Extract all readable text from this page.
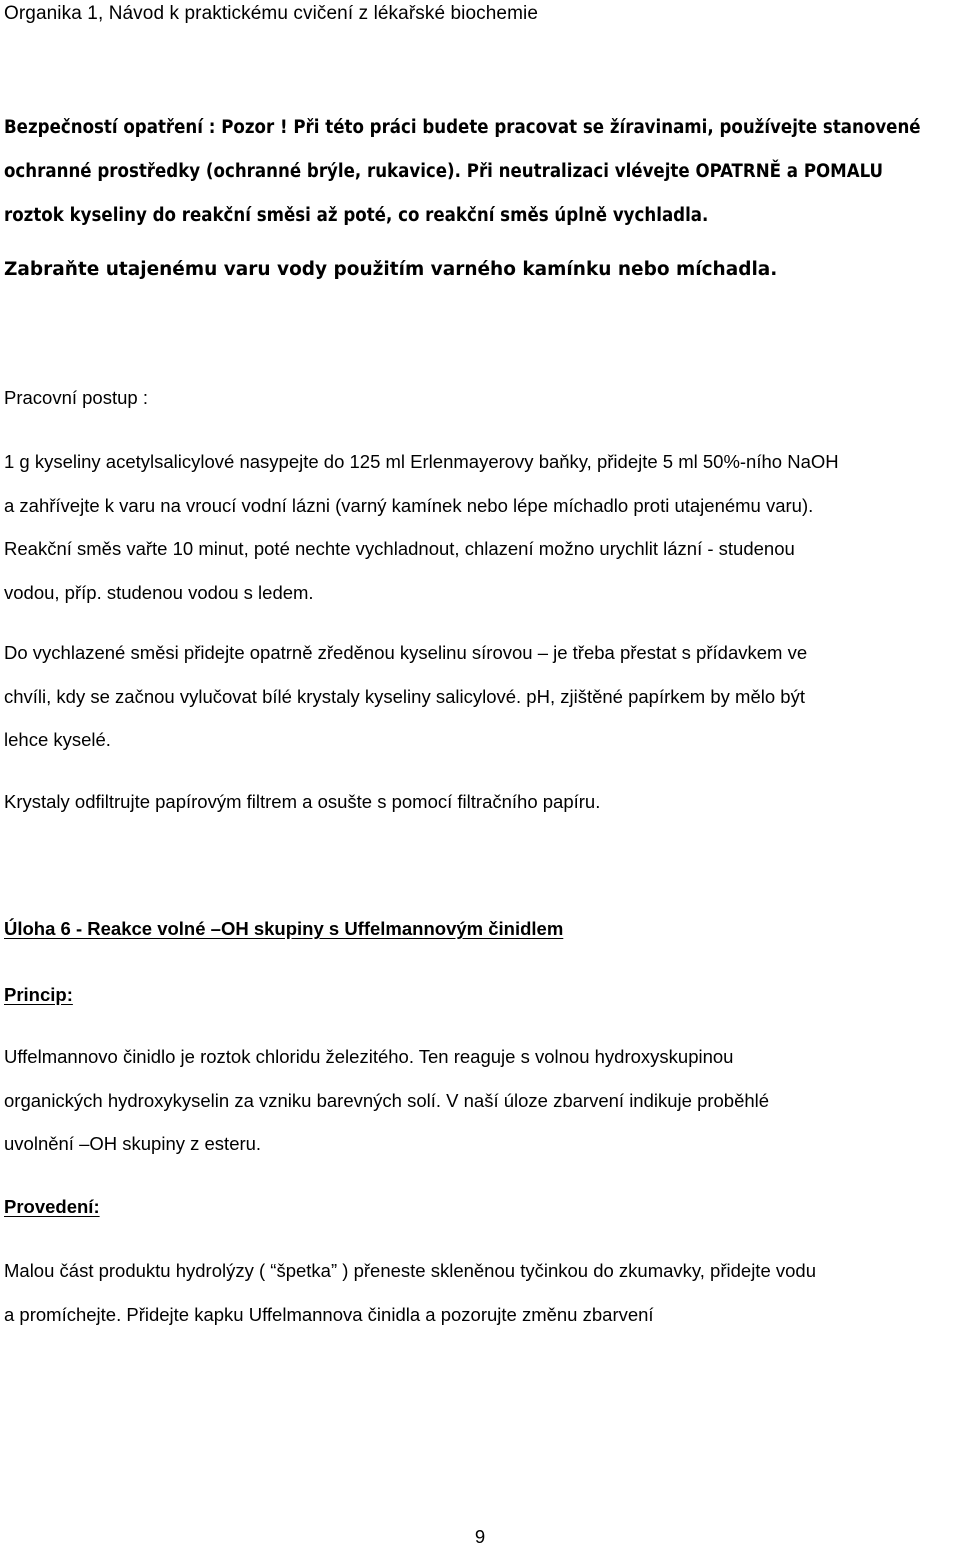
Organika 1, Návod k praktickému cvičení z lékařské biochemie

Bezpečností opatření : Pozor ! Při této práci budete pracovat se žíravinami, používejte stanovené
ochranné prostředky (ochranné brýle, rukavice). Při neutralizaci vlévejte OPATRNĚ a POMALU
roztok kyseliny do reakční směsi až poté, co reakční směs úplně vychladla.

Zabraňte utajenému varu vody použitím varného kamínku nebo míchadla.

Pracovní postup :

1 g kyseliny acetylsalicylové nasypejte do 125 ml Erlenmayerovy baňky, přidejte 5 ml 50%-ního NaOH
a zahřívejte k varu na vroucí vodní lázni (varný kamínek nebo lépe míchadlo proti utajenému varu).
Reakční směs vařte 10 minut, poté nechte vychladnout, chlazení možno urychlit lázní - studenou
vodou, příp. studenou vodou s ledem.

Do vychlazené směsi přidejte opatrně zředěnou kyselinu sírovou – je třeba přestat s přídavkem ve
chvíli, kdy se začnou vylučovat bílé krystaly kyseliny salicylové. pH, zjištěné papírkem by mělo být
lehce kyselé.

Krystaly odfiltrujte papírovým filtrem a osušte s pomocí filtračního papíru.

Úloha 6 - Reakce volné –OH skupiny s Uffelmannovým činidlem

Princip:

Uffelmannovo činidlo je roztok chloridu železitého. Ten reaguje s volnou hydroxyskupinou
organických hydroxykyselin za vzniku barevných solí. V naší úloze zbarvení indikuje proběhlé
uvolnění –OH skupiny z esteru.

Provedení:

Malou část produktu hydrolýzy ( “špetka” ) přeneste skleněnou tyčinkou do zkumavky, přidejte vodu
a promíchejte. Přidejte kapku Uffelmannova činidla a pozorujte změnu zbarvení

9
